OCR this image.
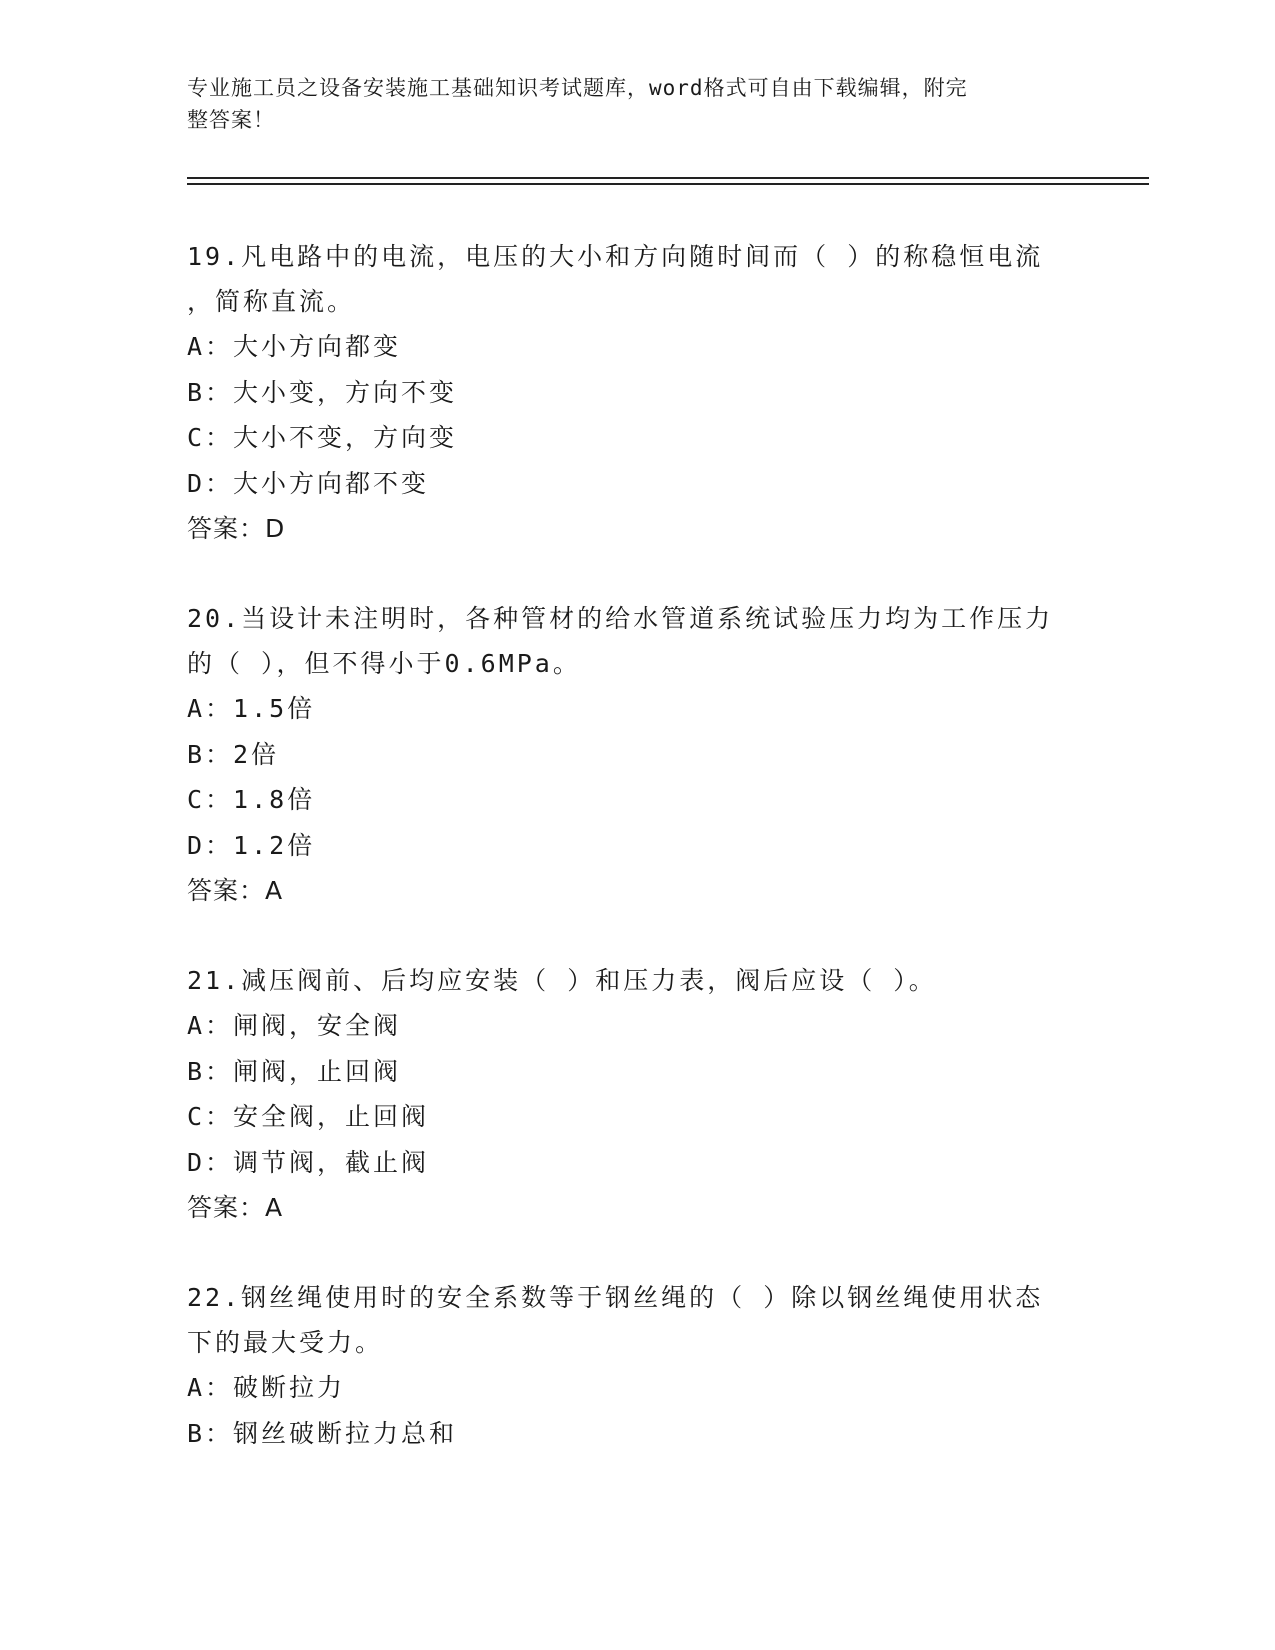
专业施工员之设备安装施工基础知识考试题库，word格式可自由下载编辑，附完
整答案！
19.凡电路中的电流，电压的大小和方向随时间而（ ）的称稳恒电流
，简称直流。
A：大小方向都变
B：大小变，方向不变
C：大小不变，方向变
D：大小方向都不变
答案：D
20.当设计未注明时，各种管材的给水管道系统试验压力均为工作压力
的（ ），但不得小于0.6MPa。
A：1.5倍
B：2倍
C：1.8倍
D：1.2倍
答案：A
21.减压阀前、后均应安装（ ）和压力表，阀后应设（ ）。
A：闸阀，安全阀
B：闸阀，止回阀
C：安全阀，止回阀
D：调节阀，截止阀
答案：A
22.钢丝绳使用时的安全系数等于钢丝绳的（ ）除以钢丝绳使用状态
下的最大受力。
A：破断拉力
B：钢丝破断拉力总和
